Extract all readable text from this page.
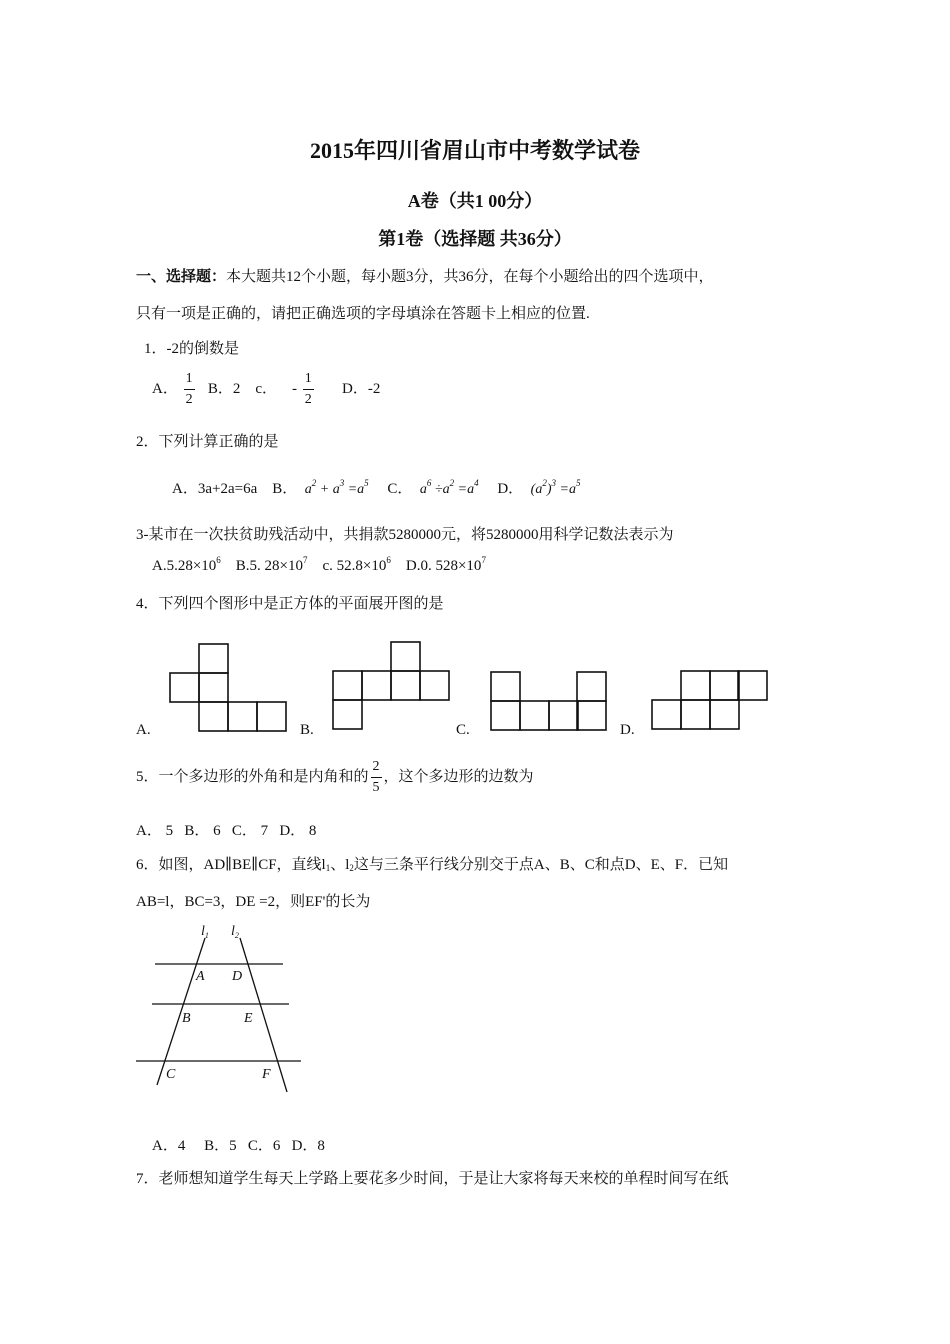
2015年四川省眉山市中考数学试卷
A卷（共1 00分）
第1卷（选择题 共36分）
一、选择题：本大题共12个小题，每小题3分，共36分，在每个小题给出的四个选项中，
只有一项是正确的，请把正确选项的字母填涂在答题卡上相应的位置.
1．-2的倒数是
A． $\frac{1}{2}$ B．2 c． - $\frac{1}{2}$ D．-2
2．下列计算正确的是
A．3a+2a=6a B． $a^2 + a^3 =a^5$ C． $a^6 \div a^2 =a^4$ D． $(a^2)^3 =a^5$
3-某市在一次扶贫助残活动中，共捐款5280000元，将5280000用科学记数法表示为
$A.5.28\times 10^6$ B.5. $28\times 10^7$ c. $52.8\times 10^6$ D.0. $528\times 10^7$
4．下列四个图形中是正方体的平面展开图的是
A.	B.	C.	D.
5．一个多边形的外角和是内角和的 $\frac{2}{5}$ ，这个多边形的边数为
A． 5   B． 6   C． 7   D． 8
6．如图，AD∥BE∥CF，直线$l_1$、$l_2$这与三条平行线分别交于点A、B、C和点D、E、F．已知
AB=l，BC=3，DE =2，则EF'的长为
$l_1$ $l_2$
A D
B	E
C	F
A．4     B．5   C．6   D．8
7．老师想知道学生每天上学路上要花多少时间，于是让大家将每天来校的单程时间写在纸
